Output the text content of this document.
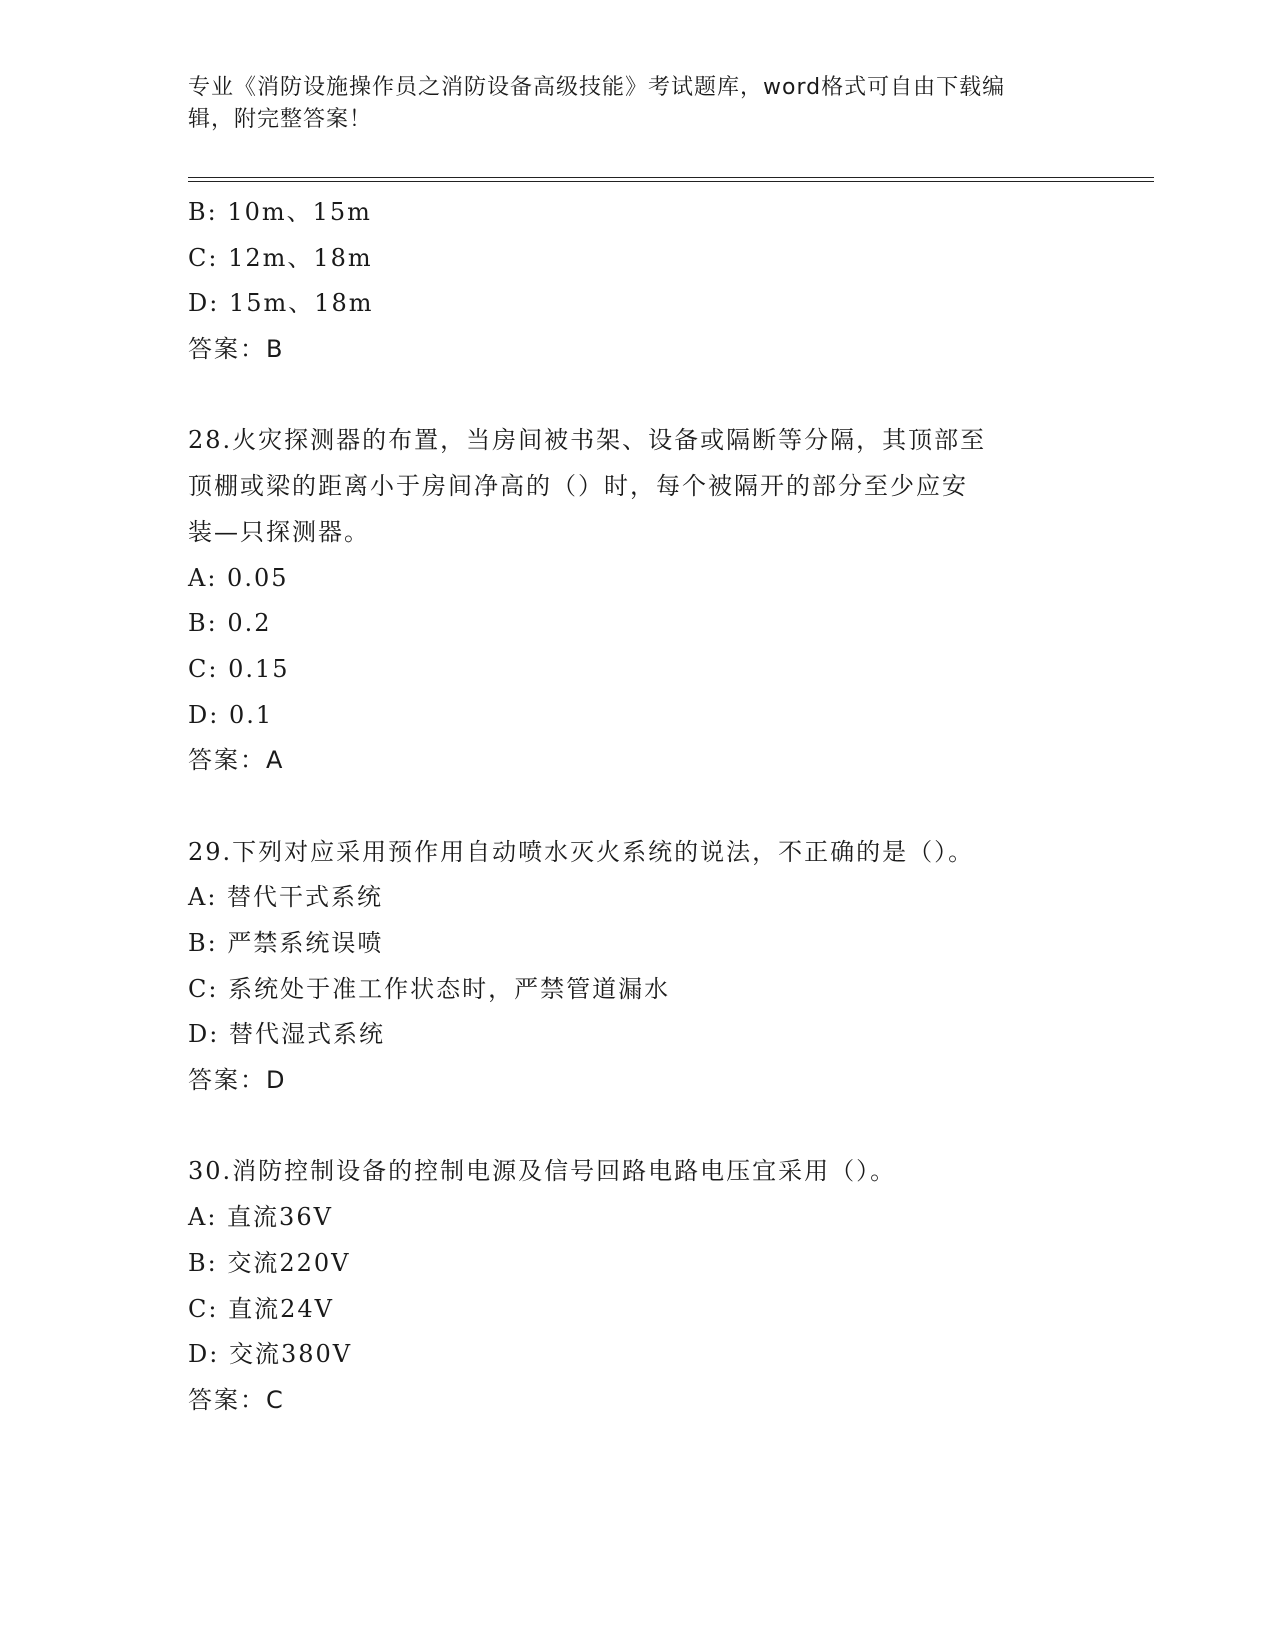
专业《消防设施操作员之消防设备高级技能》考试题库，word格式可自由下载编
辑，附完整答案！
B: 10m、15m
C: 12m、18m
D: 15m、18m
答案：B
28.火灾探测器的布置，当房间被书架、设备或隔断等分隔，其顶部至
顶棚或梁的距离小于房间净高的（）时，每个被隔开的部分至少应安
装—只探测器。
A: 0.05
B: 0.2
C: 0.15
D: 0.1
答案：A
29.下列对应采用预作用自动喷水灭火系统的说法，不正确的是（）。
A: 替代干式系统
B: 严禁系统误喷
C: 系统处于准工作状态时，严禁管道漏水
D: 替代湿式系统
答案：D
30.消防控制设备的控制电源及信号回路电路电压宜采用（）。
A: 直流36V
B: 交流220V
C: 直流24V
D: 交流380V
答案：C
